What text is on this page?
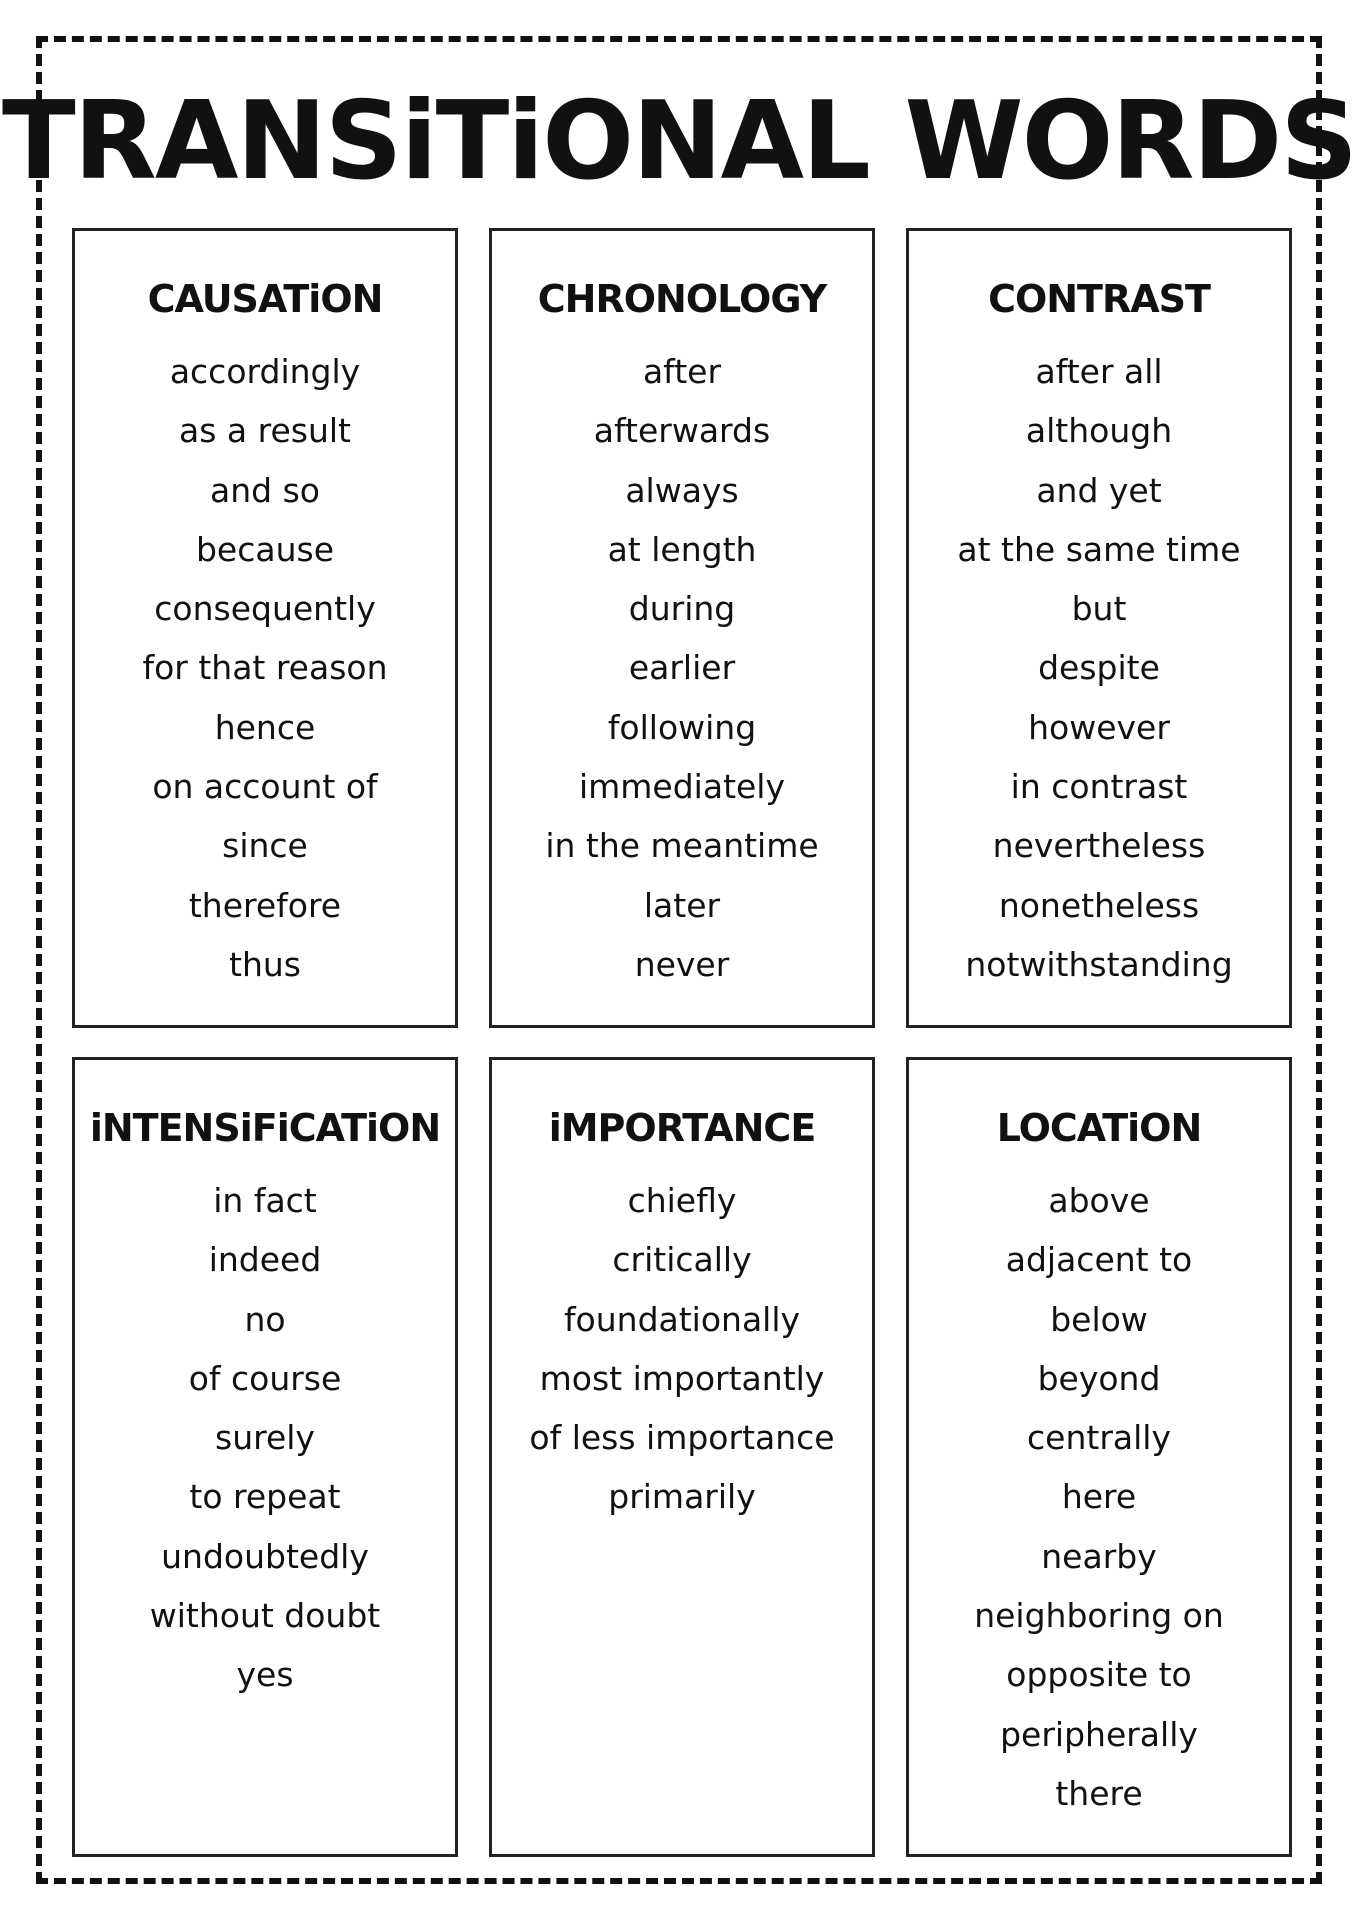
TRANSiTiONAL WORDS
CAUSATiON
accordingly
as a result
and so
because
consequently
for that reason
hence
on account of
since
therefore
thus
CHRONOLOGY
after
afterwards
always
at length
during
earlier
following
immediately
in the meantime
later
never
CONTRAST
after all
although
and yet
at the same time
but
despite
however
in contrast
nevertheless
nonetheless
notwithstanding
iNTENSiFiCATiON
in fact
indeed
no
of course
surely
to repeat
undoubtedly
without doubt
yes
iMPORTANCE
chiefly
critically
foundationally
most importantly
of less importance
primarily
LOCATiON
above
adjacent to
below
beyond
centrally
here
nearby
neighboring on
opposite to
peripherally
there
